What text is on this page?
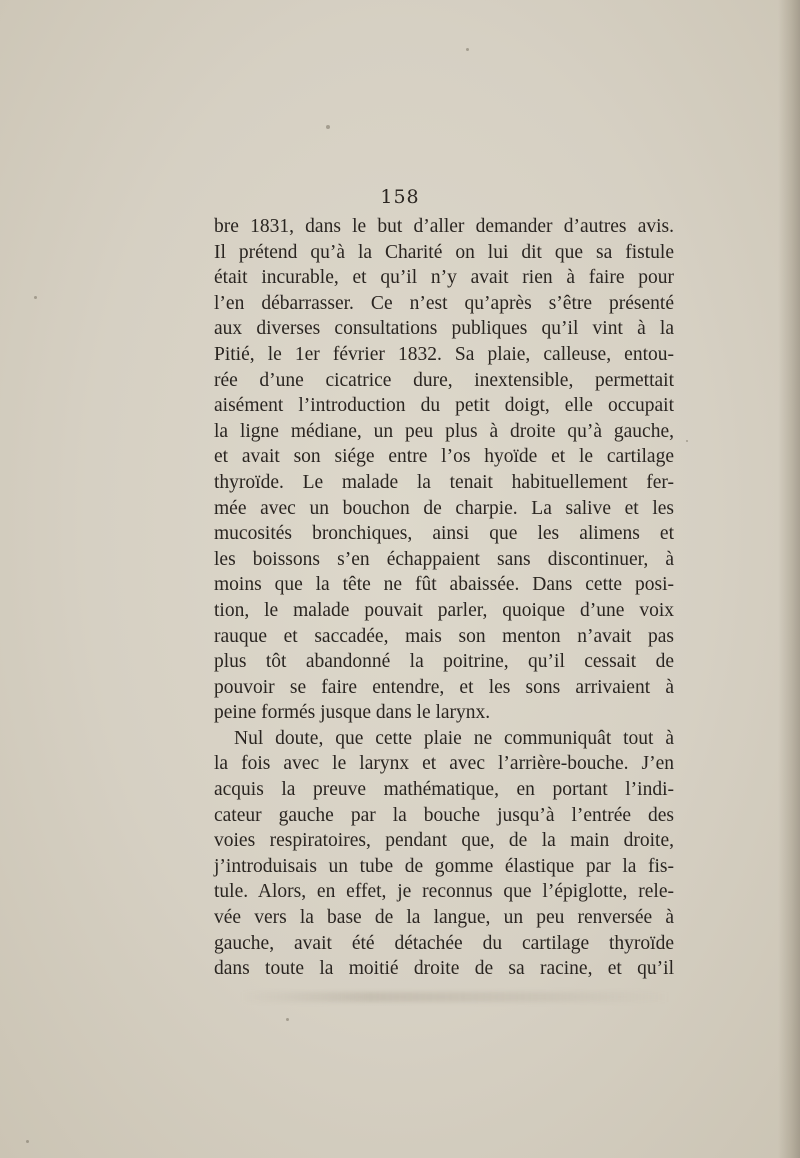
158
bre 1831, dans le but d’aller demander d’autres avis.
Il prétend qu’à la Charité on lui dit que sa fistule
était incurable, et qu’il n’y avait rien à faire pour
l’en débarrasser. Ce n’est qu’après s’être présenté
aux diverses consultations publiques qu’il vint à la
Pitié, le 1er février 1832. Sa plaie, calleuse, entou-
rée d’une cicatrice dure, inextensible, permettait
aisément l’introduction du petit doigt, elle occupait
la ligne médiane, un peu plus à droite qu’à gauche,
et avait son siége entre l’os hyoïde et le cartilage
thyroïde. Le malade la tenait habituellement fer-
mée avec un bouchon de charpie. La salive et les
mucosités bronchiques, ainsi que les alimens et
les boissons s’en échappaient sans discontinuer, à
moins que la tête ne fût abaissée. Dans cette posi-
tion, le malade pouvait parler, quoique d’une voix
rauque et saccadée, mais son menton n’avait pas
plus tôt abandonné la poitrine, qu’il cessait de
pouvoir se faire entendre, et les sons arrivaient à
peine formés jusque dans le larynx.
Nul doute, que cette plaie ne communiquât tout à
la fois avec le larynx et avec l’arrière-bouche. J’en
acquis la preuve mathématique, en portant l’indi-
cateur gauche par la bouche jusqu’à l’entrée des
voies respiratoires, pendant que, de la main droite,
j’introduisais un tube de gomme élastique par la fis-
tule. Alors, en effet, je reconnus que l’épiglotte, rele-
vée vers la base de la langue, un peu renversée à
gauche, avait été détachée du cartilage thyroïde
dans toute la moitié droite de sa racine, et qu’il
